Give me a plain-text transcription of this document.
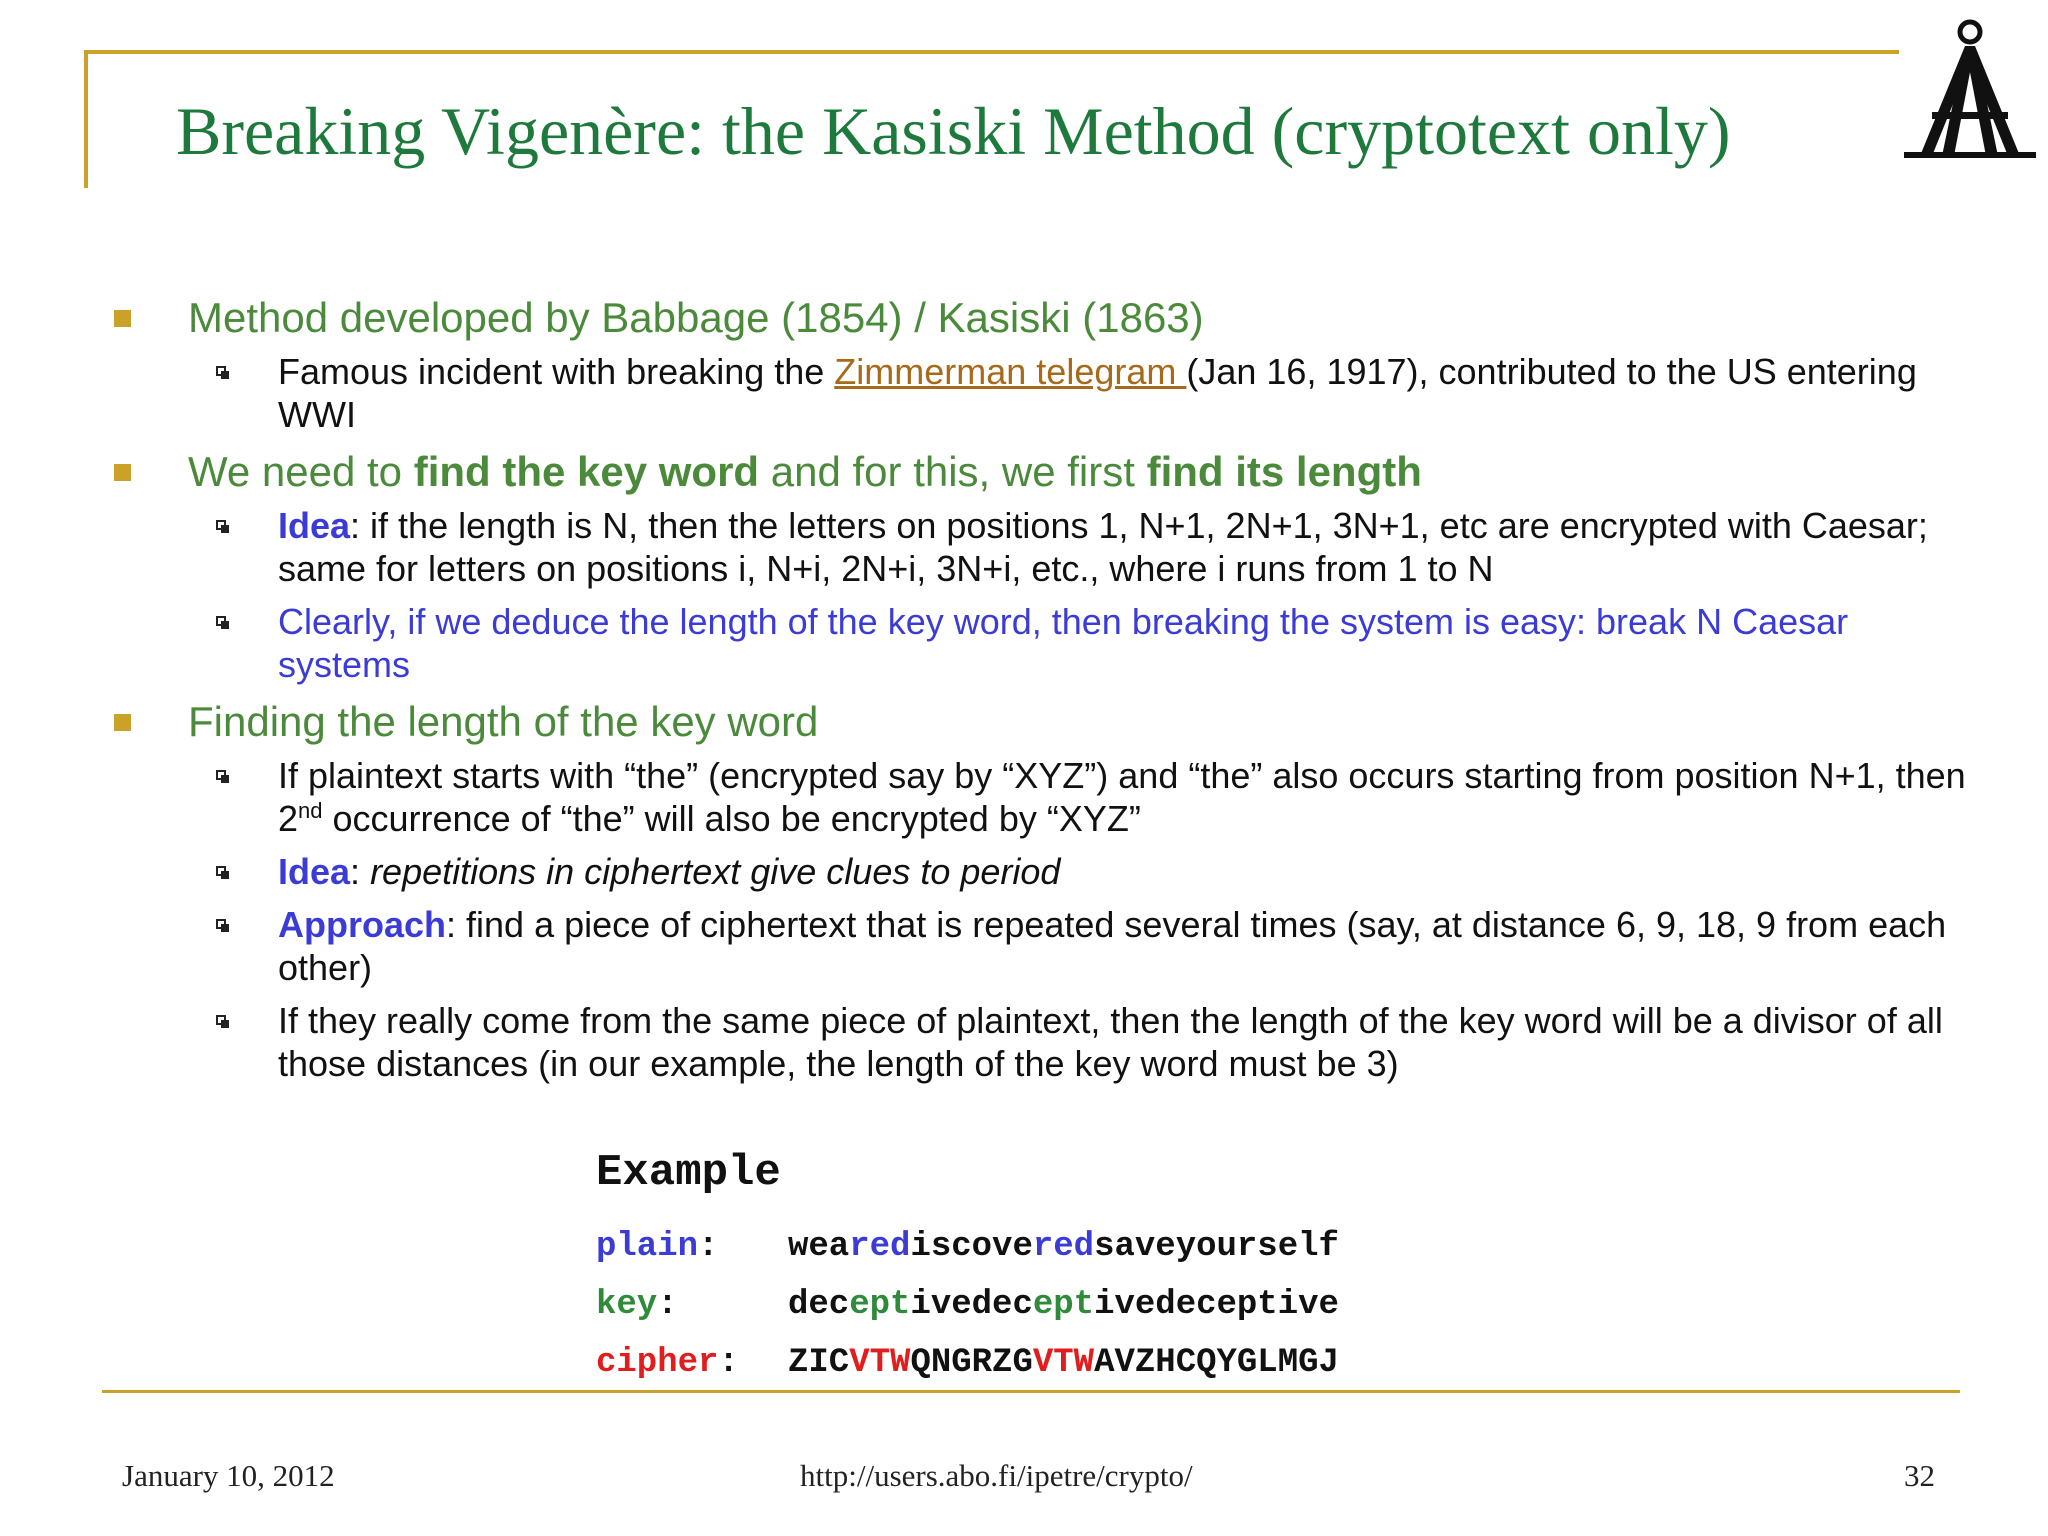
Breaking Vigenère: the Kasiski Method (cryptotext only)
Method developed by Babbage (1854) / Kasiski (1863)
Famous incident with breaking the Zimmerman telegram (Jan 16, 1917), contributed to the US entering WWI
We need to find the key word and for this, we first find its length
Idea: if the length is N, then the letters on positions 1, N+1, 2N+1, 3N+1, etc are encrypted with Caesar; same for letters on positions i, N+i, 2N+i, 3N+i, etc., where i runs from 1 to N
Clearly, if we deduce the length of the key word, then breaking the system is easy: break N Caesar systems
Finding the length of the key word
If plaintext starts with “the” (encrypted say by “XYZ”) and “the” also occurs starting from position N+1, then 2nd occurrence of “the” will also be encrypted by “XYZ”
Idea: repetitions in ciphertext give clues to period
Approach: find a piece of ciphertext that is repeated several times (say, at distance 6, 9, 18, 9 from each other)
If they really come from the same piece of plaintext, then the length of the key word will be a divisor of all those distances (in our example, the length of the key word must be 3)
Example
plain: wearediscoveredsaveyourself
key:	deceptivedeceptivedeceptive
cipher: ZICVTWQNGRZGVTWAVZHCQYGLMGJ
January 10, 2012	http://users.abo.fi/ipetre/crypto/	32
